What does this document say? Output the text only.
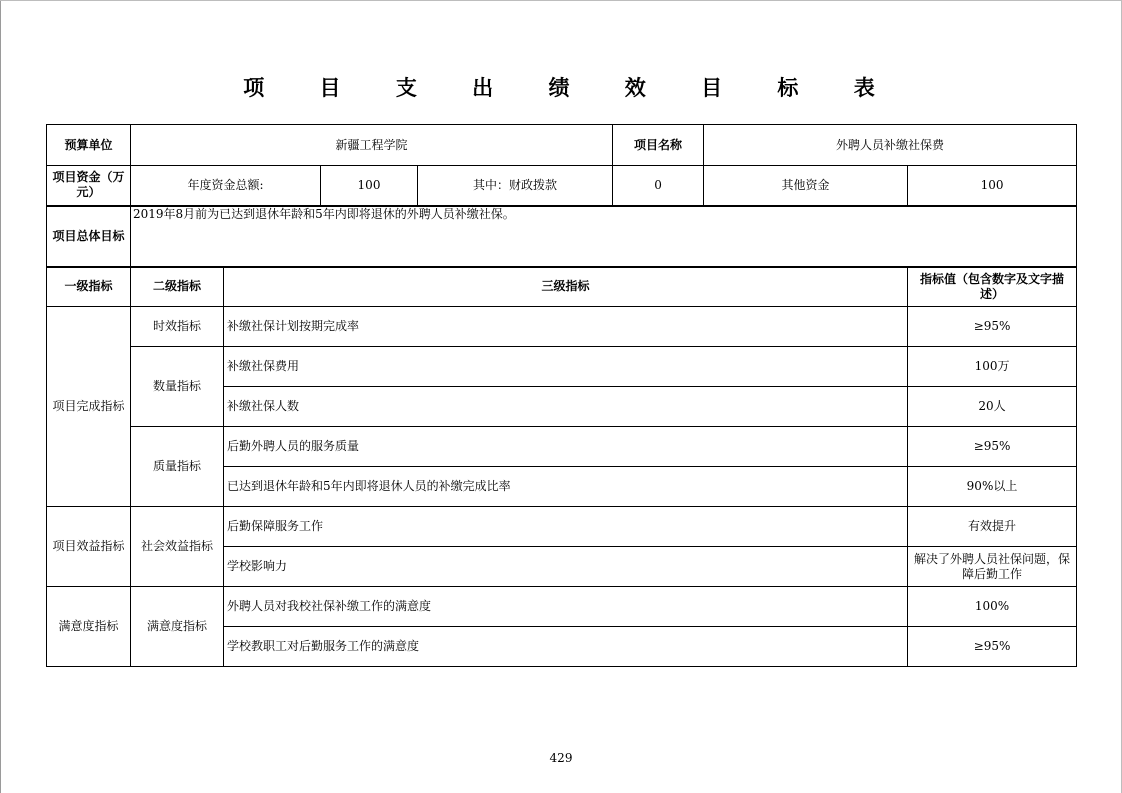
项 目 支 出 绩 效 目 标 表
预算单位	新疆工程学院				项目名称	外聘人员补缴社保费	
项目资金（万元）	年度资金总额:		100	其中：财政拨款	0	其他资金	100
项目总体目标	2019年8月前为已达到退休年龄和5年内即将退休的外聘人员补缴社保。						
一级指标	二级指标	三级指标					指标值（包含数字及文字描述）
项目完成指标	时效指标	补缴社保计划按期完成率					≥95%
	数量指标	补缴社保费用					100万
		补缴社保人数					20人
	质量指标	后勤外聘人员的服务质量					≥95%
		已达到退休年龄和5年内即将退休人员的补缴完成比率					90%以上
项目效益指标	社会效益指标	后勤保障服务工作					有效提升
		学校影响力					解决了外聘人员社保问题，保障后勤工作
满意度指标	满意度指标	外聘人员对我校社保补缴工作的满意度					100%
		学校教职工对后勤服务工作的满意度					≥95%
429
